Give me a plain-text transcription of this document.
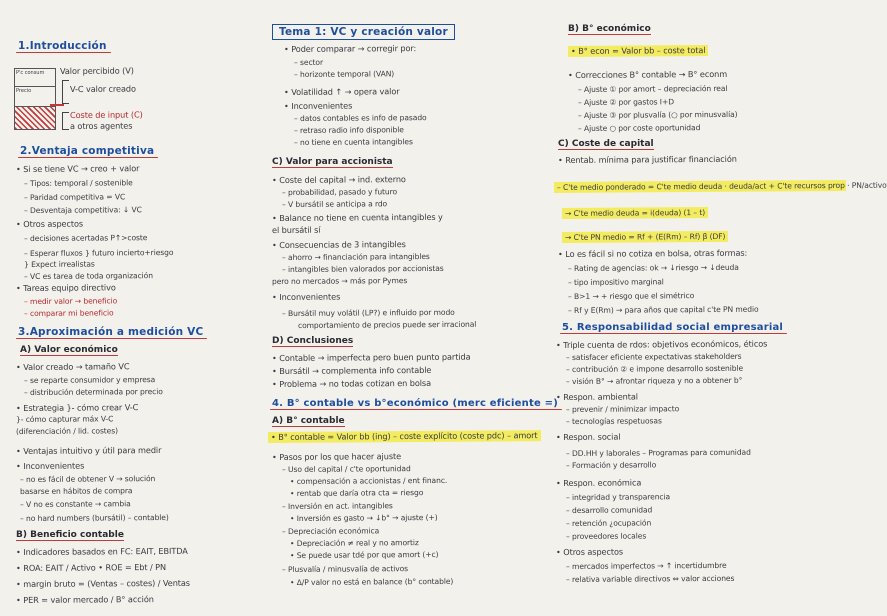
1.Introducción
P'c consum
Precio
Valor percibido (V)
V-C valor creado
Coste de input (C)
a otros agentes
2.Ventaja competitiva
• Si se tiene VC → creo + valor
– Tipos: temporal / sostenible
– Paridad competitiva = VC
– Desventaja competitiva: ↓ VC
• Otros aspectos
– decisiones acertadas P↑>coste
– Esperar fluxos } futuro incierto+riesgo
} Expect irrealistas
– VC es tarea de toda organización
• Tareas equipo directivo
– medir valor → beneficio
– comparar mi beneficio
3.Aproximación a medición VC
A) Valor económico
• Valor creado → tamaño VC
– se reparte consumidor y empresa
– distribución determinada por precio
• Estrategia }- cómo crear V-C
}- cómo capturar máx V-C
(diferenciación / lid. costes)
• Ventajas intuitivo y útil para medir
• Inconvenientes
– no es fácil de obtener V → solución
basarse en hábitos de compra
– V no es constante → cambia
– no hard numbers (bursátil) – contable)
B) Beneficio contable
• Indicadores basados en FC: EAIT, EBITDA
• ROA: EAIT / Activo • ROE = Ebt / PN
• margin bruto = (Ventas – costes) / Ventas
• PER = valor mercado / B° acción
Tema 1: VC y creación valor
• Poder comparar → corregir por:
– sector
– horizonte temporal (VAN)
• Volatilidad ↑ → opera valor
• Inconvenientes
– datos contables es info de pasado
– retraso radio info disponible
– no tiene en cuenta intangibles
C) Valor para accionista
• Coste del capital → ind. externo
– probabilidad, pasado y futuro
– V bursátil se anticipa a rdo
• Balance no tiene en cuenta intangibles y
el bursátil sí
• Consecuencias de 3 intangibles
– ahorro → financiación para intangibles
– intangibles bien valorados por accionistas
pero no mercados → más por Pymes
• Inconvenientes
– Bursátil muy volátil (LP?) e influido por modo
comportamiento de precios puede ser irracional
D) Conclusiones
• Contable → imperfecta pero buen punto partida
• Bursátil → complementa info contable
• Problema → no todas cotizan en bolsa
4. B° contable vs b°económico (merc eficiente =)
A) B° contable
• B° contable = Valor bb (ing) – coste explícito (coste pdc) – amort
• Pasos por los que hacer ajuste
– Uso del capital / c'te oportunidad
• compensación a accionistas / ent financ.
• rentab que daría otra cta = riesgo
– Inversión en act. intangibles
• Inversión es gasto → ↓b° → ajuste (+)
– Depreciación económica
• Depreciación ≠ real y no amortiz
• Se puede usar tdé por que amort (+c)
– Plusvalía / minusvalía de activos
• Δ/P valor no está en balance (b° contable)
B) B° económico
• B° econ = Valor bb – coste total
• Correcciones B° contable → B° econm
– Ajuste ① por amort – depreciación real
– Ajuste ② por gastos I+D
– Ajuste ③ por plusvalía (○ por minusvalía)
– Ajuste ○ por coste oportunidad
C) Coste de capital
• Rentab. mínima para justificar financiación
– C'te medio ponderado = C'te medio deuda · deuda/act + C'te recursos prop · PN/activo
→ C'te medio deuda = i(deuda) (1 – t)
→ C'te PN medio = Rf + (E(Rm) – Rf) β (DF)
• Lo es fácil si no cotiza en bolsa, otras formas:
– Rating de agencias: ok → ↓riesgo → ↓deuda
– tipo impositivo marginal
– B>1 → + riesgo que el simétrico
– Rf y E(Rm) → para años que capital c'te PN medio
5. Responsabilidad social empresarial
• Triple cuenta de rdos: objetivos económicos, éticos
– satisfacer eficiente expectativas stakeholders
– contribución ② e impone desarrollo sostenible
– visión B° → afrontar riqueza y no a obtener b°
• Respon. ambiental
– prevenir / minimizar impacto
– tecnologías respetuosas
• Respon. social
– DD.HH y laborales – Programas para comunidad
– Formación y desarrollo
• Respon. económica
– integridad y transparencia
– desarrollo comunidad
– retención ¿ocupación
– proveedores locales
• Otros aspectos
– mercados imperfectos → ↑ incertidumbre
– relativa variable directivos ⇔ valor acciones
